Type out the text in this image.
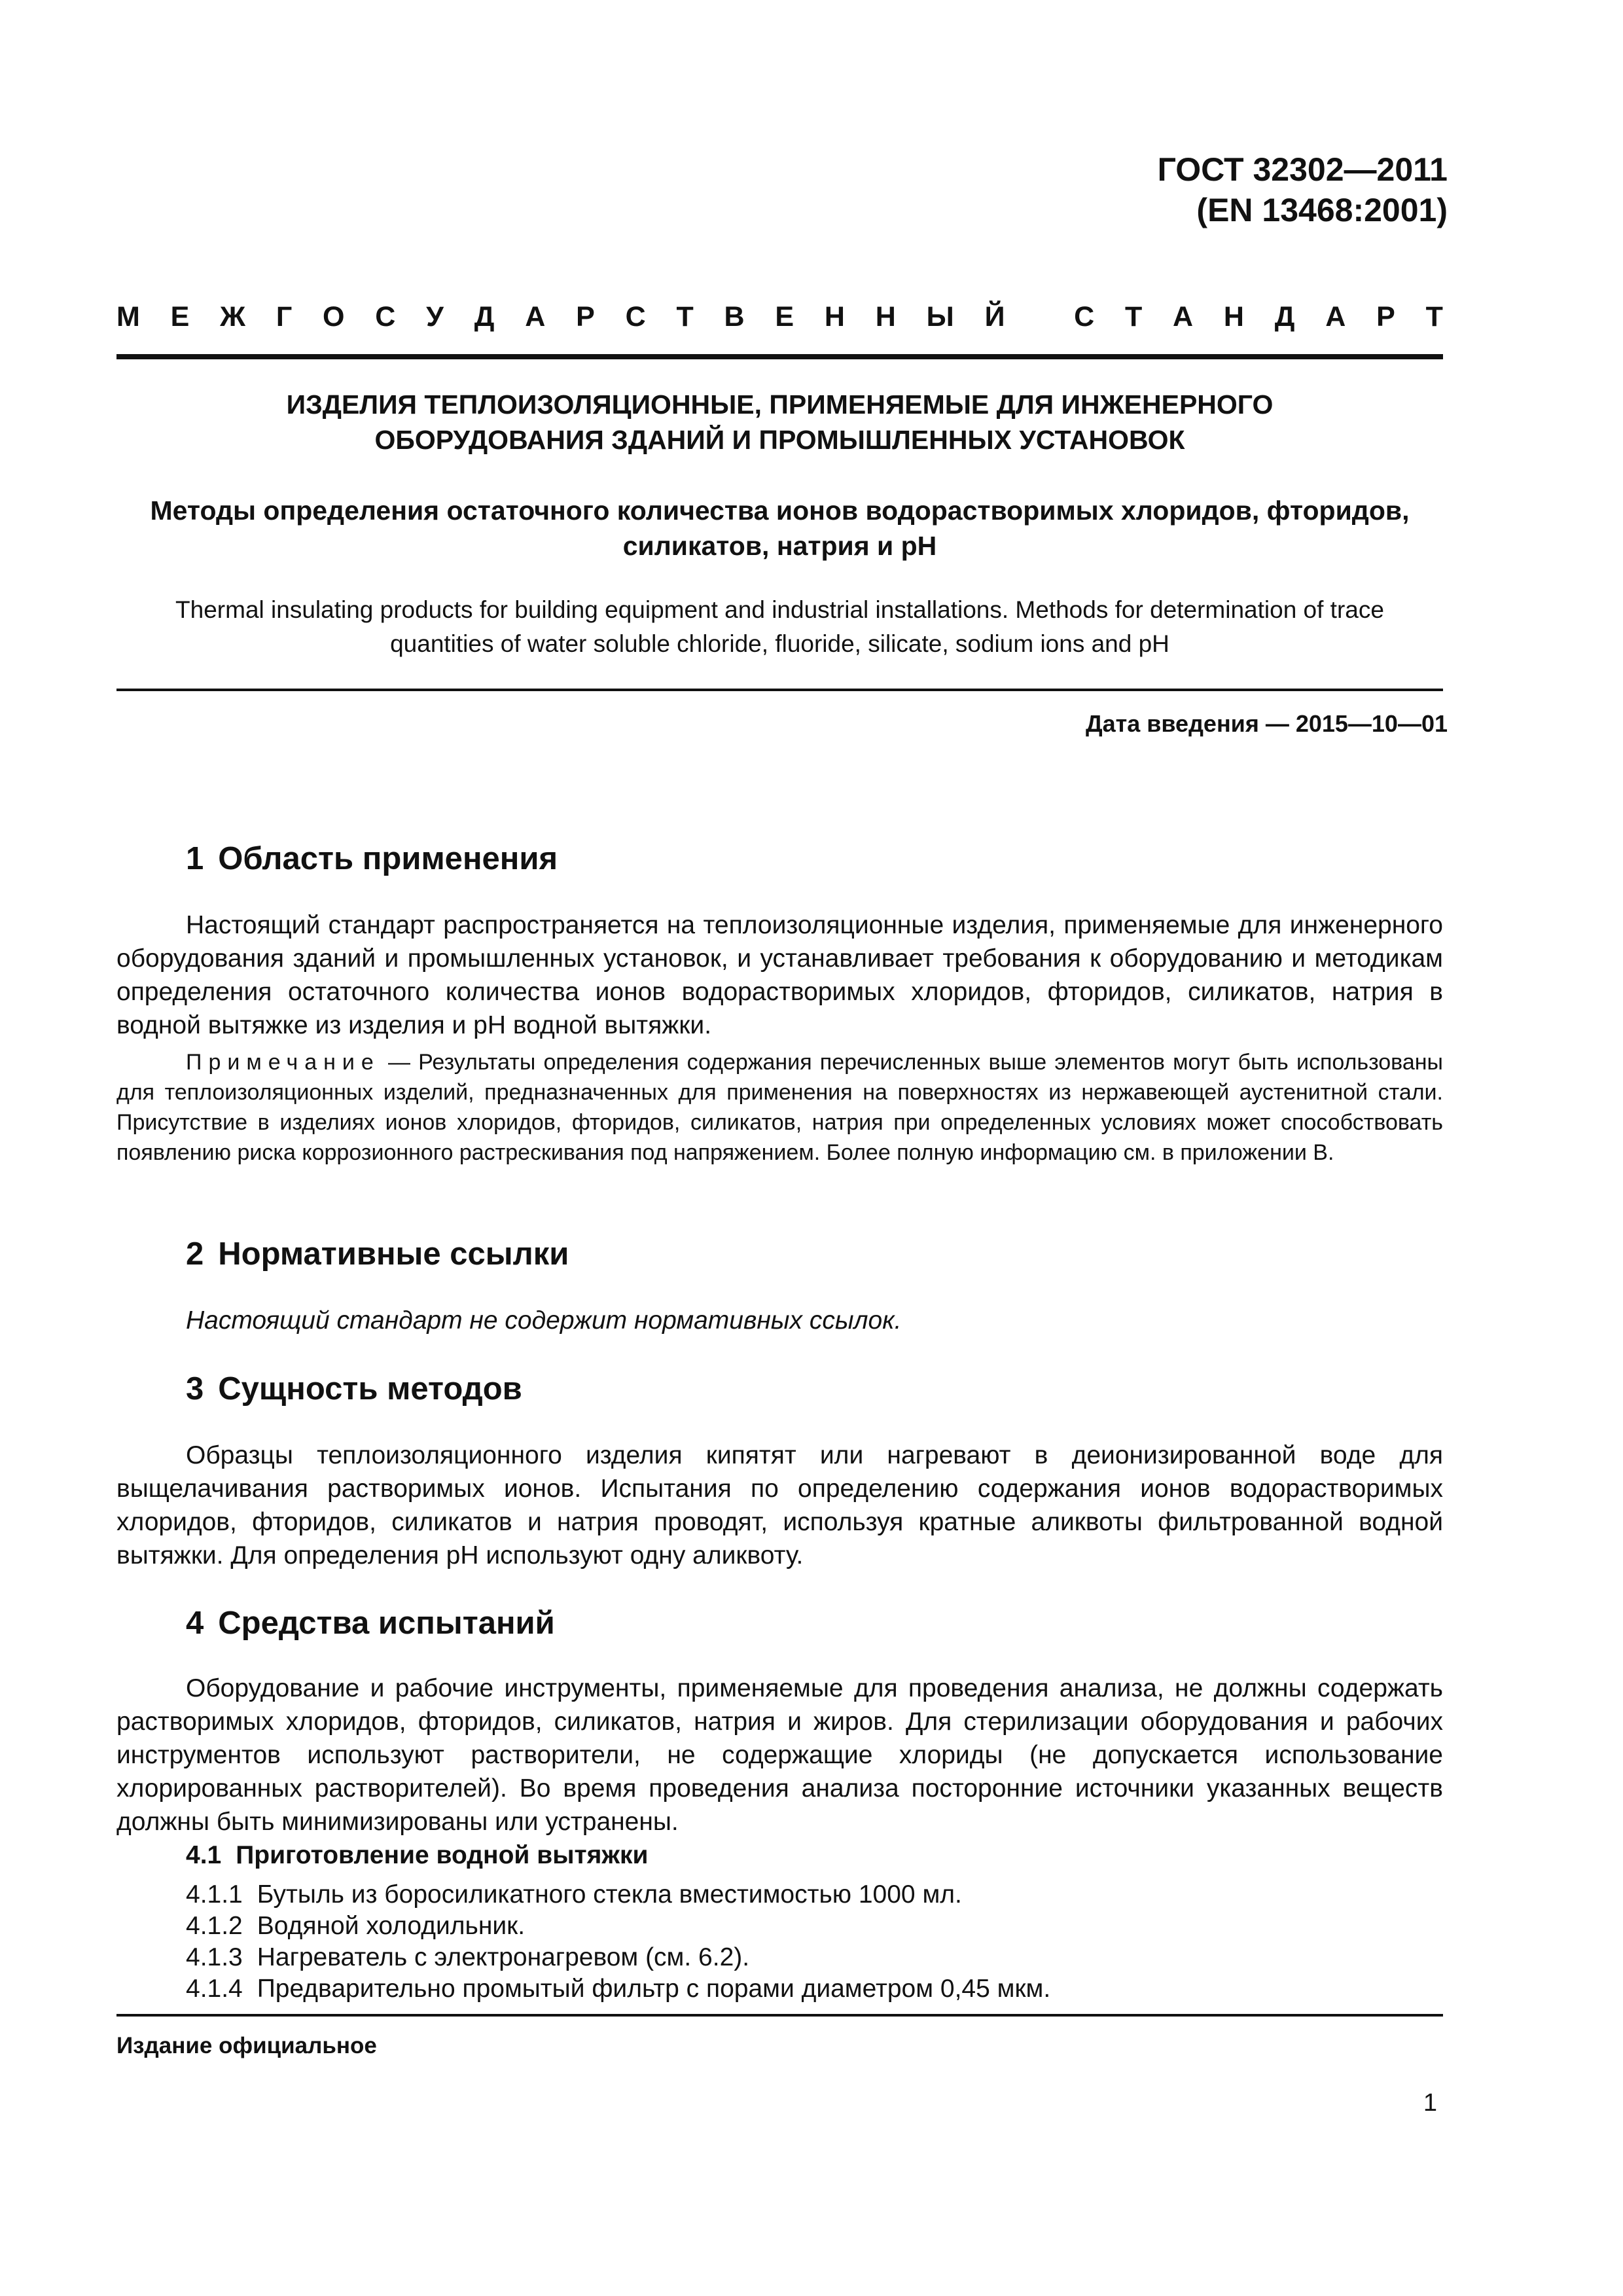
ГОСТ 32302—2011
(EN 13468:2001)
М Е Ж Г О С У Д А Р С Т В Е Н Н Ы Й
С Т А Н Д А Р Т
ИЗДЕЛИЯ ТЕПЛОИЗОЛЯЦИОННЫЕ, ПРИМЕНЯЕМЫЕ ДЛЯ ИНЖЕНЕРНОГО
ОБОРУДОВАНИЯ ЗДАНИЙ И ПРОМЫШЛЕННЫХ УСТАНОВОК
Методы определения остаточного количества ионов водорастворимых хлоридов, фторидов,
силикатов, натрия и pH
Thermal insulating products for building equipment and industrial installations. Methods for determination of trace
quantities of water soluble chloride, fluoride, silicate, sodium ions and pH
Дата введения — 2015—10—01
1 Область применения
Настоящий стандарт распространяется на теплоизоляционные изделия, применяемые для инженерного оборудования зданий и промышленных установок, и устанавливает требования к оборудованию и методикам определения остаточного количества ионов водорастворимых хлоридов, фторидов, силикатов, натрия в водной вытяжке из изделия и pH водной вытяжки.
Примечание — Результаты определения содержания перечисленных выше элементов могут быть использованы для теплоизоляционных изделий, предназначенных для применения на поверхностях из нержавеющей аустенитной стали. Присутствие в изделиях ионов хлоридов, фторидов, силикатов, натрия при определенных условиях может способствовать появлению риска коррозионного растрескивания под напряжением. Более полную информацию см. в приложении В.
2 Нормативные ссылки
Настоящий стандарт не содержит нормативных ссылок.
3 Сущность методов
Образцы теплоизоляционного изделия кипятят или нагревают в деионизированной воде для выщелачивания растворимых ионов. Испытания по определению содержания ионов водорастворимых хлоридов, фторидов, силикатов и натрия проводят, используя кратные аликвоты фильтрованной водной вытяжки. Для определения pH используют одну аликвоту.
4 Средства испытаний
Оборудование и рабочие инструменты, применяемые для проведения анализа, не должны содержать растворимых хлоридов, фторидов, силикатов, натрия и жиров. Для стерилизации оборудования и рабочих инструментов используют растворители, не содержащие хлориды (не допускается использование хлорированных растворителей). Во время проведения анализа посторонние источники указанных веществ должны быть минимизированы или устранены.
4.1 Приготовление водной вытяжки
4.1.1 Бутыль из боросиликатного стекла вместимостью 1000 мл.
4.1.2 Водяной холодильник.
4.1.3 Нагреватель с электронагревом (см. 6.2).
4.1.4 Предварительно промытый фильтр с порами диаметром 0,45 мкм.
Издание официальное
1
